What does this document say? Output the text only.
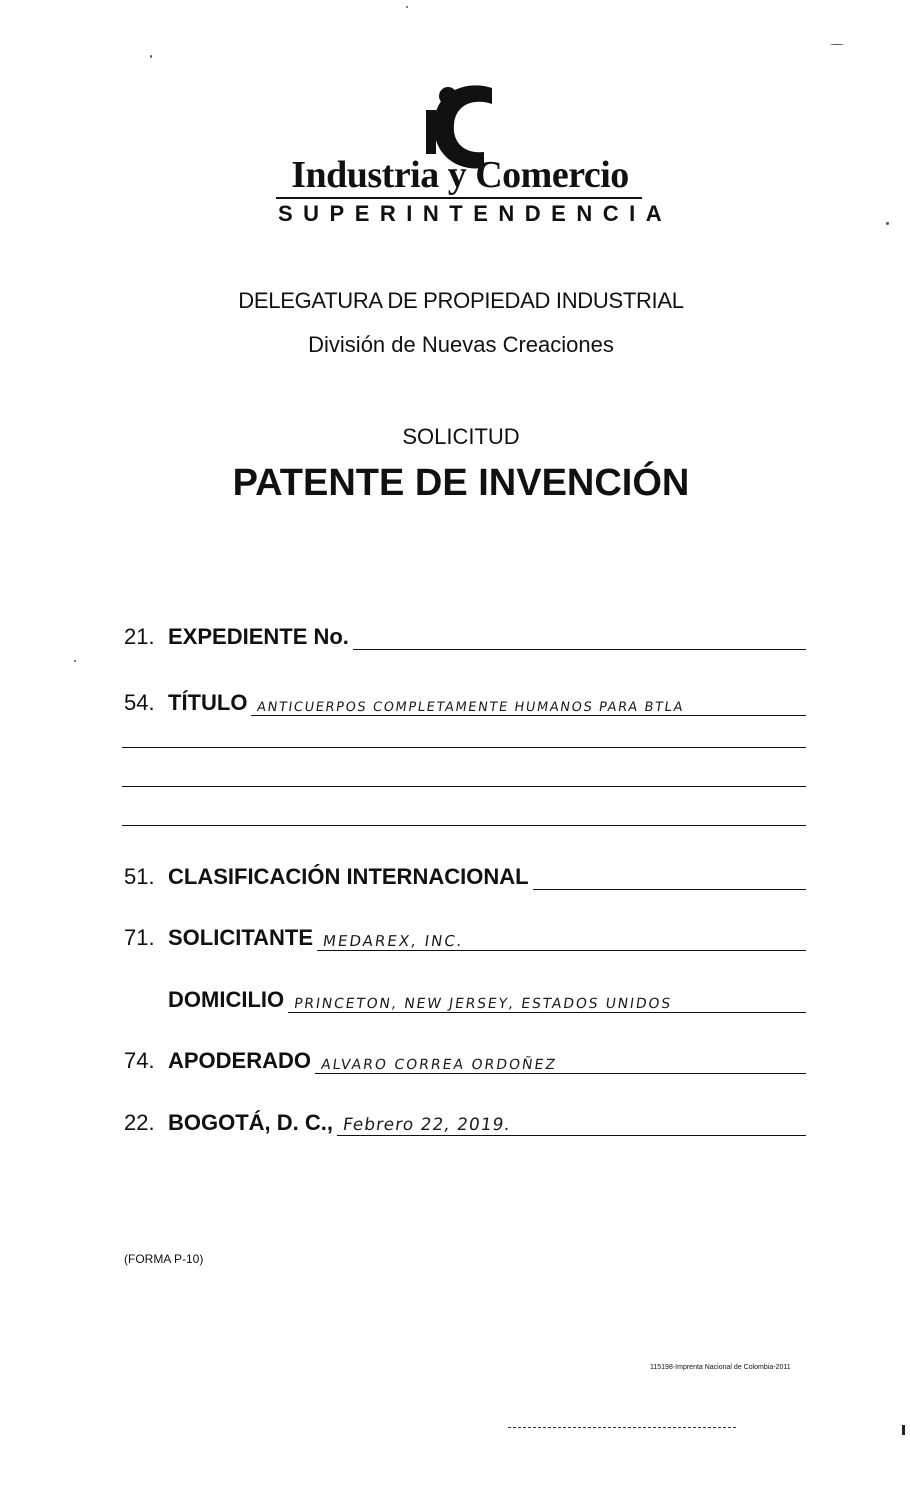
Industria y Comercio
SUPERINTENDENCIA
DELEGATURA DE PROPIEDAD INDUSTRIAL
División de Nuevas Creaciones
SOLICITUD
PATENTE DE INVENCIÓN
21. EXPEDIENTE No.
54. TÍTULO ANTICUERPOS COMPLETAMENTE HUMANOS PARA BTLA
51. CLASIFICACIÓN INTERNACIONAL
71. SOLICITANTE MEDAREX, INC.
DOMICILIO PRINCETON, NEW JERSEY, ESTADOS UNIDOS
74. APODERADO ALVARO CORREA ORDOÑEZ
22. BOGOTÁ, D. C., Febrero 22, 2019.
(FORMA P-10)
115198-Imprenta Nacional de Colombia-2011
